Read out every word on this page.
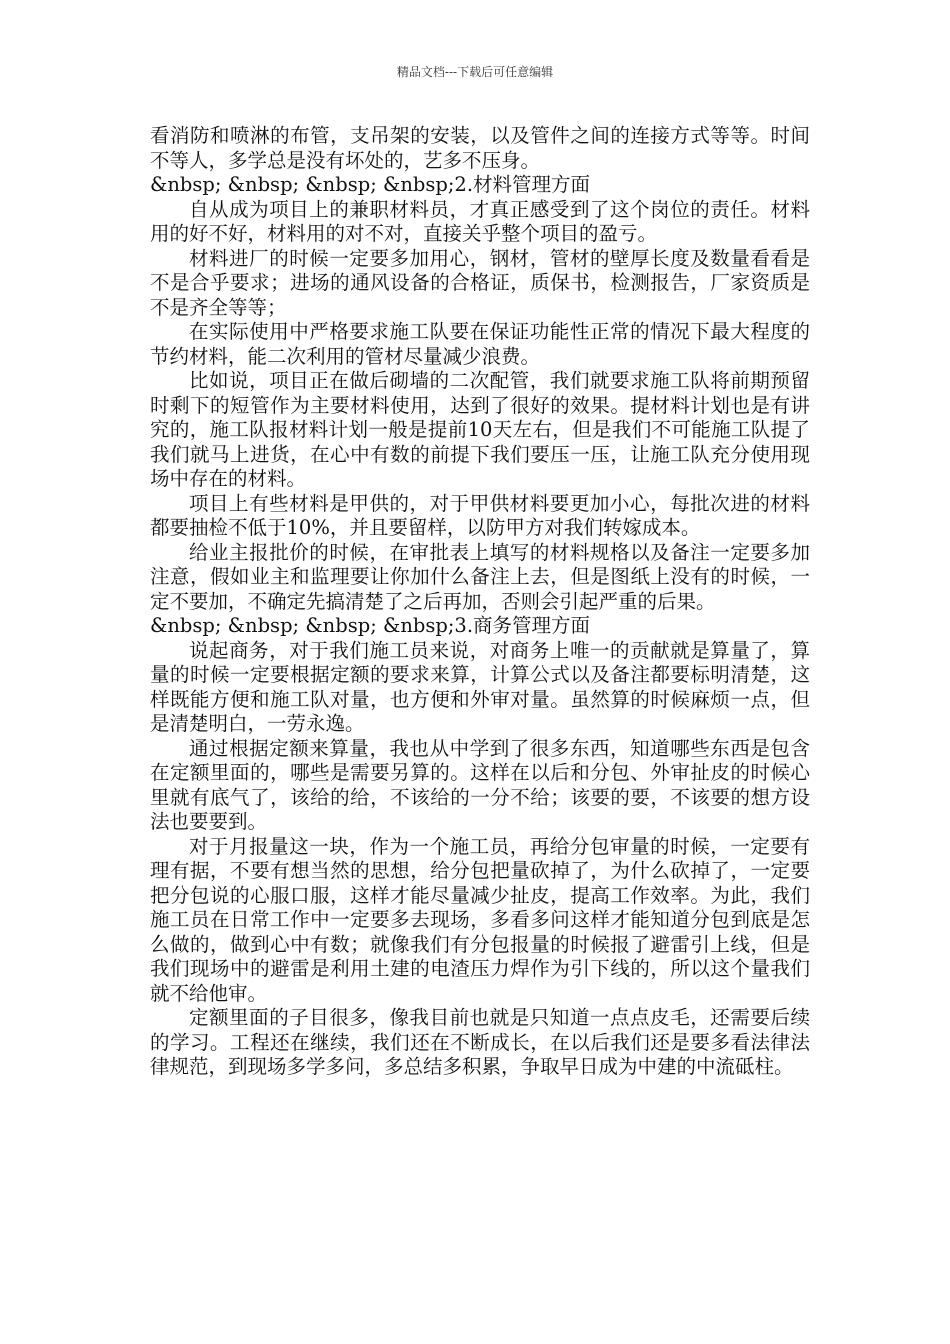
精品文档---下载后可任意编辑

看消防和喷淋的布管，支吊架的安装，以及管件之间的连接方式等等。时间不等人，多学总是没有坏处的，艺多不压身。

&nbsp; &nbsp; &nbsp; &nbsp;2.材料管理方面

自从成为项目上的兼职材料员，才真正感受到了这个岗位的责任。材料用的好不好，材料用的对不对，直接关乎整个项目的盈亏。

材料进厂的时候一定要多加用心，钢材，管材的壁厚长度及数量看看是不是合乎要求；进场的通风设备的合格证，质保书，检测报告，厂家资质是不是齐全等等；

在实际使用中严格要求施工队要在保证功能性正常的情况下最大程度的节约材料，能二次利用的管材尽量减少浪费。

比如说，项目正在做后砌墙的二次配管，我们就要求施工队将前期预留时剩下的短管作为主要材料使用，达到了很好的效果。提材料计划也是有讲究的，施工队报材料计划一般是提前10天左右，但是我们不可能施工队提了我们就马上进货，在心中有数的前提下我们要压一压，让施工队充分使用现场中存在的材料。

项目上有些材料是甲供的，对于甲供材料要更加小心，每批次进的材料都要抽检不低于10%，并且要留样，以防甲方对我们转嫁成本。

给业主报批价的时候，在审批表上填写的材料规格以及备注一定要多加注意，假如业主和监理要让你加什么备注上去，但是图纸上没有的时候，一定不要加，不确定先搞清楚了之后再加，否则会引起严重的后果。

&nbsp; &nbsp; &nbsp; &nbsp;3.商务管理方面

说起商务，对于我们施工员来说，对商务上唯一的贡献就是算量了，算量的时候一定要根据定额的要求来算，计算公式以及备注都要标明清楚，这样既能方便和施工队对量，也方便和外审对量。虽然算的时候麻烦一点，但是清楚明白，一劳永逸。

通过根据定额来算量，我也从中学到了很多东西，知道哪些东西是包含在定额里面的，哪些是需要另算的。这样在以后和分包、外审扯皮的时候心里就有底气了，该给的给，不该给的一分不给；该要的要，不该要的想方设法也要要到。

对于月报量这一块，作为一个施工员，再给分包审量的时候，一定要有理有据，不要有想当然的思想，给分包把量砍掉了，为什么砍掉了，一定要把分包说的心服口服，这样才能尽量减少扯皮，提高工作效率。为此，我们施工员在日常工作中一定要多去现场，多看多问这样才能知道分包到底是怎么做的，做到心中有数；就像我们有分包报量的时候报了避雷引上线，但是我们现场中的避雷是利用土建的电渣压力焊作为引下线的，所以这个量我们就不给他审。

定额里面的子目很多，像我目前也就是只知道一点点皮毛，还需要后续的学习。工程还在继续，我们还在不断成长，在以后我们还是要多看法律法律规范，到现场多学多问，多总结多积累，争取早日成为中建的中流砥柱。
